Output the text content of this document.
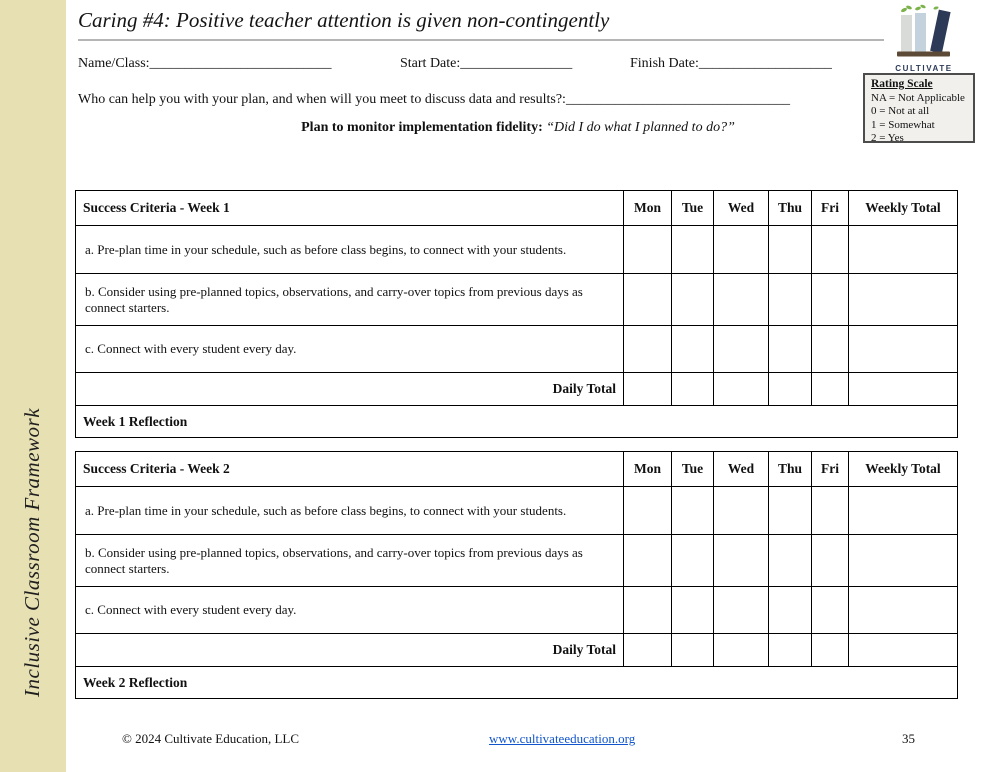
Inclusive Classroom Framework
Caring #4: Positive teacher attention is given non-contingently
CULTIVATE
Rating Scale
NA = Not Applicable
0 = Not at all
1 = Somewhat
2 = Yes
Name/Class:__________________________	Start Date:________________	Finish Date:___________________
Who can help you with your plan, and when will you meet to discuss data and results?:________________________________
Plan to monitor implementation fidelity: “Did I do what I planned to do?”
Success Criteria - Week 1	Mon	Tue	Wed	Thu	Fri	Weekly Total
a. Pre-plan time in your schedule, such as before class begins, to connect with your students.						
b. Consider using pre-planned topics, observations, and carry-over topics from previous days as connect starters.						
c. Connect with every student every day.						
Daily Total						
Week 1 Reflection						
Success Criteria - Week 2	Mon	Tue	Wed	Thu	Fri	Weekly Total
a. Pre-plan time in your schedule, such as before class begins, to connect with your students.						
b. Consider using pre-planned topics, observations, and carry-over topics from previous days as connect starters.						
c. Connect with every student every day.						
Daily Total						
Week 2 Reflection						
© 2024 Cultivate Education, LLC	www.cultivateeducation.org	35
